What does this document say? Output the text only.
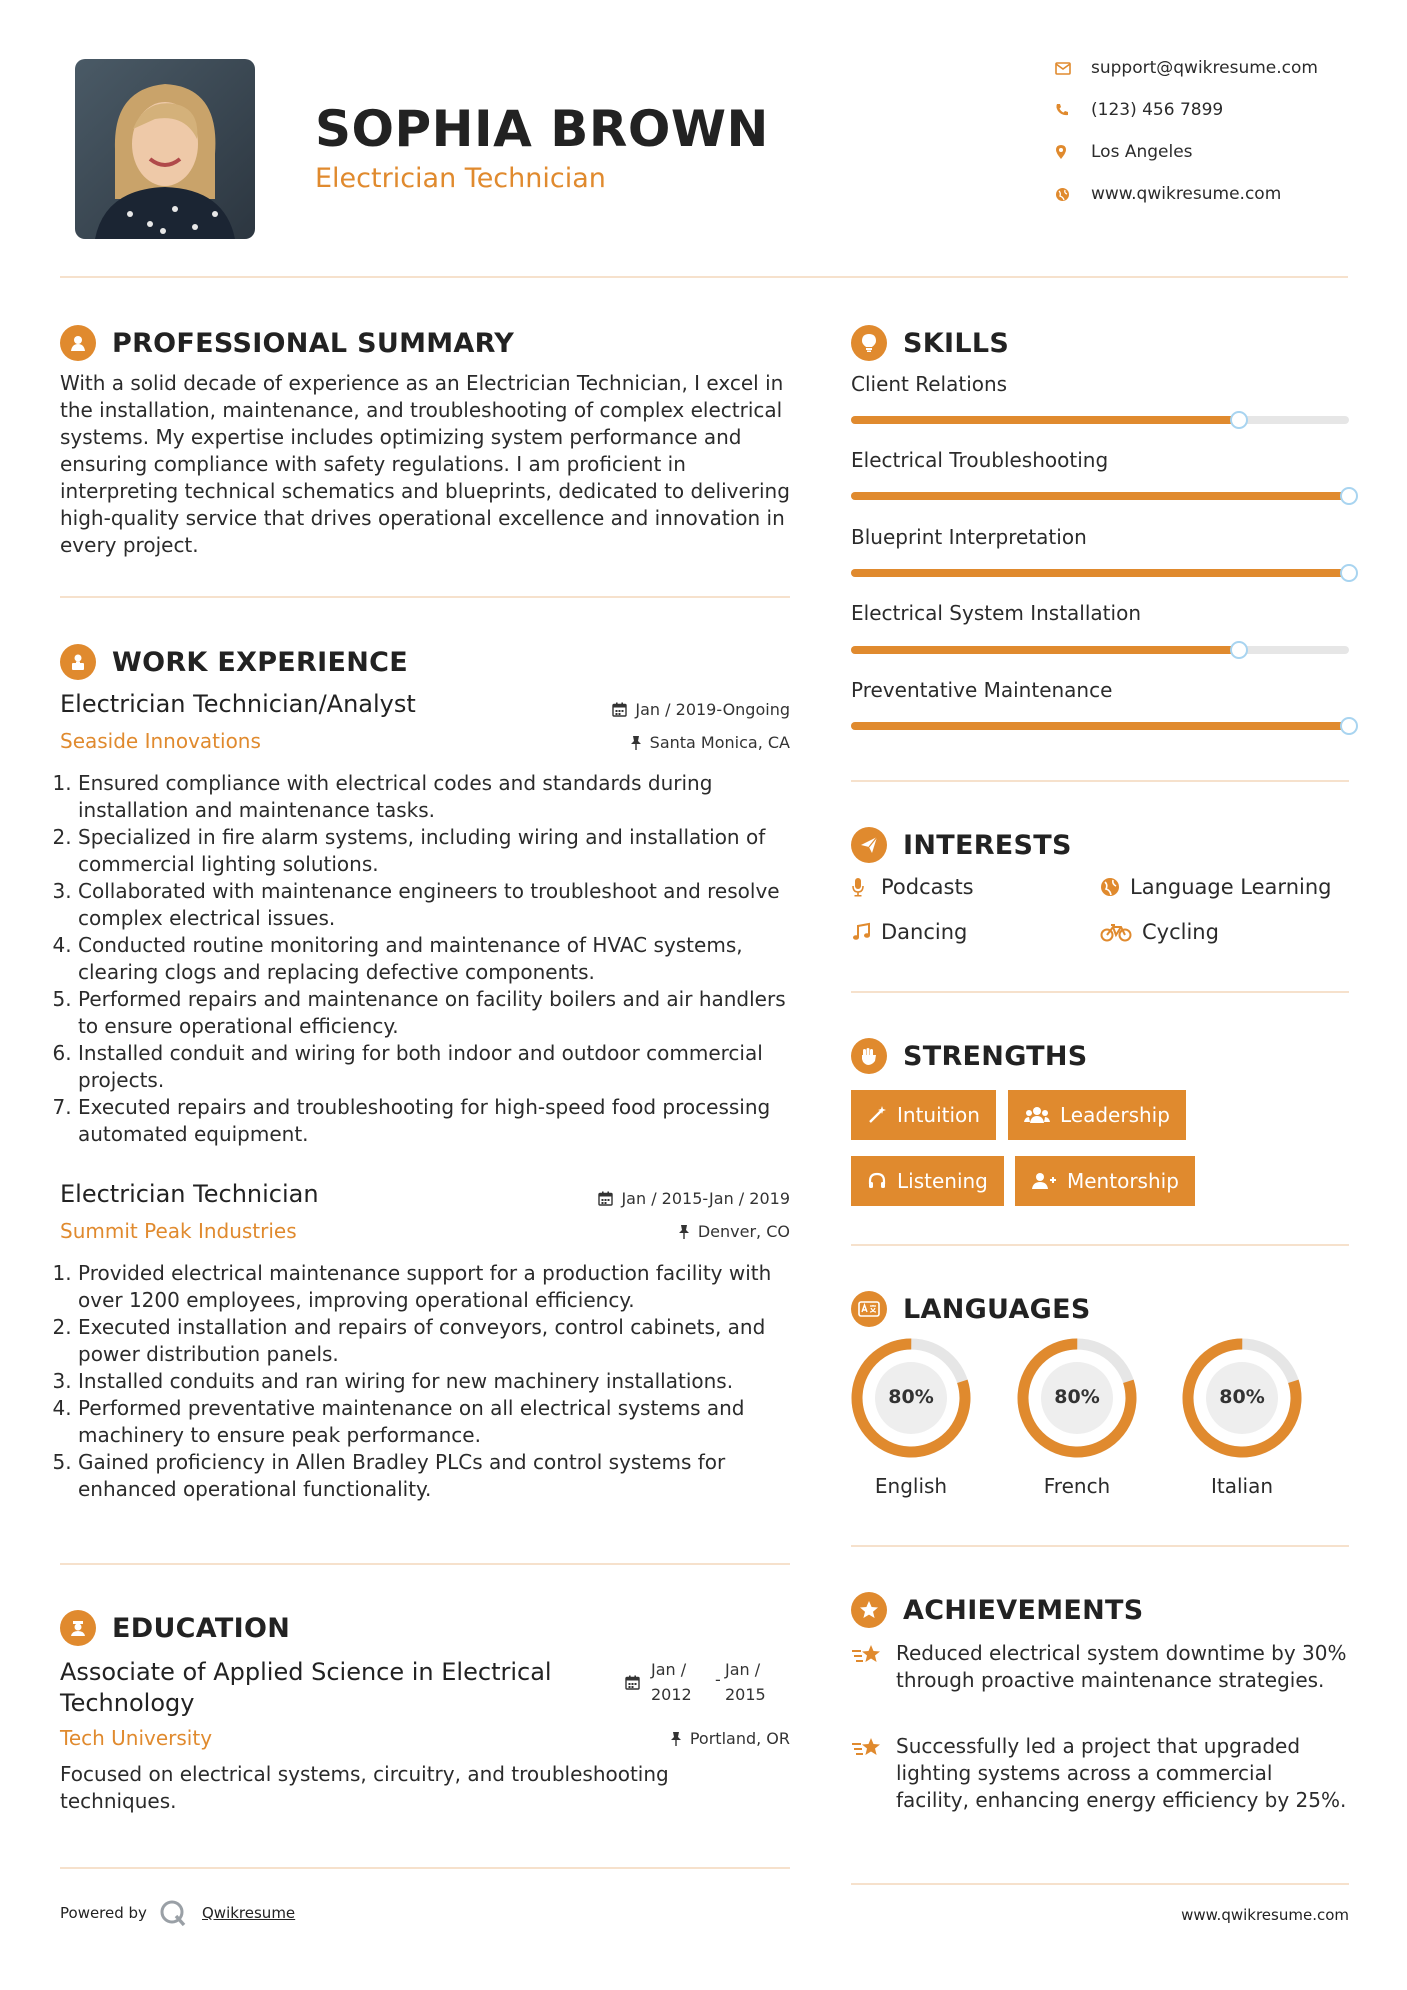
SOPHIA BROWN
Electrician Technician
support@qwikresume.com
(123) 456 7899
Los Angeles
www.qwikresume.com
PROFESSIONAL SUMMARY
With a solid decade of experience as an Electrician Technician, I excel in the installation, maintenance, and troubleshooting of complex electrical systems. My expertise includes optimizing system performance and ensuring compliance with safety regulations. I am proficient in interpreting technical schematics and blueprints, dedicated to delivering high-quality service that drives operational excellence and innovation in every project.
WORK EXPERIENCE
Electrician Technician/Analyst	Jan / 2019-Ongoing
Seaside Innovations	Santa Monica, CA
1. Ensured compliance with electrical codes and standards during installation and maintenance tasks.
2. Specialized in fire alarm systems, including wiring and installation of commercial lighting solutions.
3. Collaborated with maintenance engineers to troubleshoot and resolve complex electrical issues.
4. Conducted routine monitoring and maintenance of HVAC systems, clearing clogs and replacing defective components.
5. Performed repairs and maintenance on facility boilers and air handlers to ensure operational efficiency.
6. Installed conduit and wiring for both indoor and outdoor commercial projects.
7. Executed repairs and troubleshooting for high-speed food processing automated equipment.
Electrician Technician	Jan / 2015-Jan / 2019
Summit Peak Industries	Denver, CO
1. Provided electrical maintenance support for a production facility with over 1200 employees, improving operational efficiency.
2. Executed installation and repairs of conveyors, control cabinets, and power distribution panels.
3. Installed conduits and ran wiring for new machinery installations.
4. Performed preventative maintenance on all electrical systems and machinery to ensure peak performance.
5. Gained proficiency in Allen Bradley PLCs and control systems for enhanced operational functionality.
EDUCATION
Associate of Applied Science in Electrical
Technology
Jan /
2012
-
Jan /
2015
Tech University	Portland, OR
Focused on electrical systems, circuitry, and troubleshooting techniques.
SKILLS
Client Relations
Electrical Troubleshooting
Blueprint Interpretation
Electrical System Installation
Preventative Maintenance
INTERESTS
Podcasts	Language Learning
Dancing	Cycling
STRENGTHS
Intuition	Leadership
Listening	Mentorship
LANGUAGES
80%
English
80%
French
80%
Italian
ACHIEVEMENTS
Reduced electrical system downtime by 30% through proactive maintenance strategies.
Successfully led a project that upgraded lighting systems across a commercial facility, enhancing energy efficiency by 25%.
Powered by	Qwikresume	www.qwikresume.com
